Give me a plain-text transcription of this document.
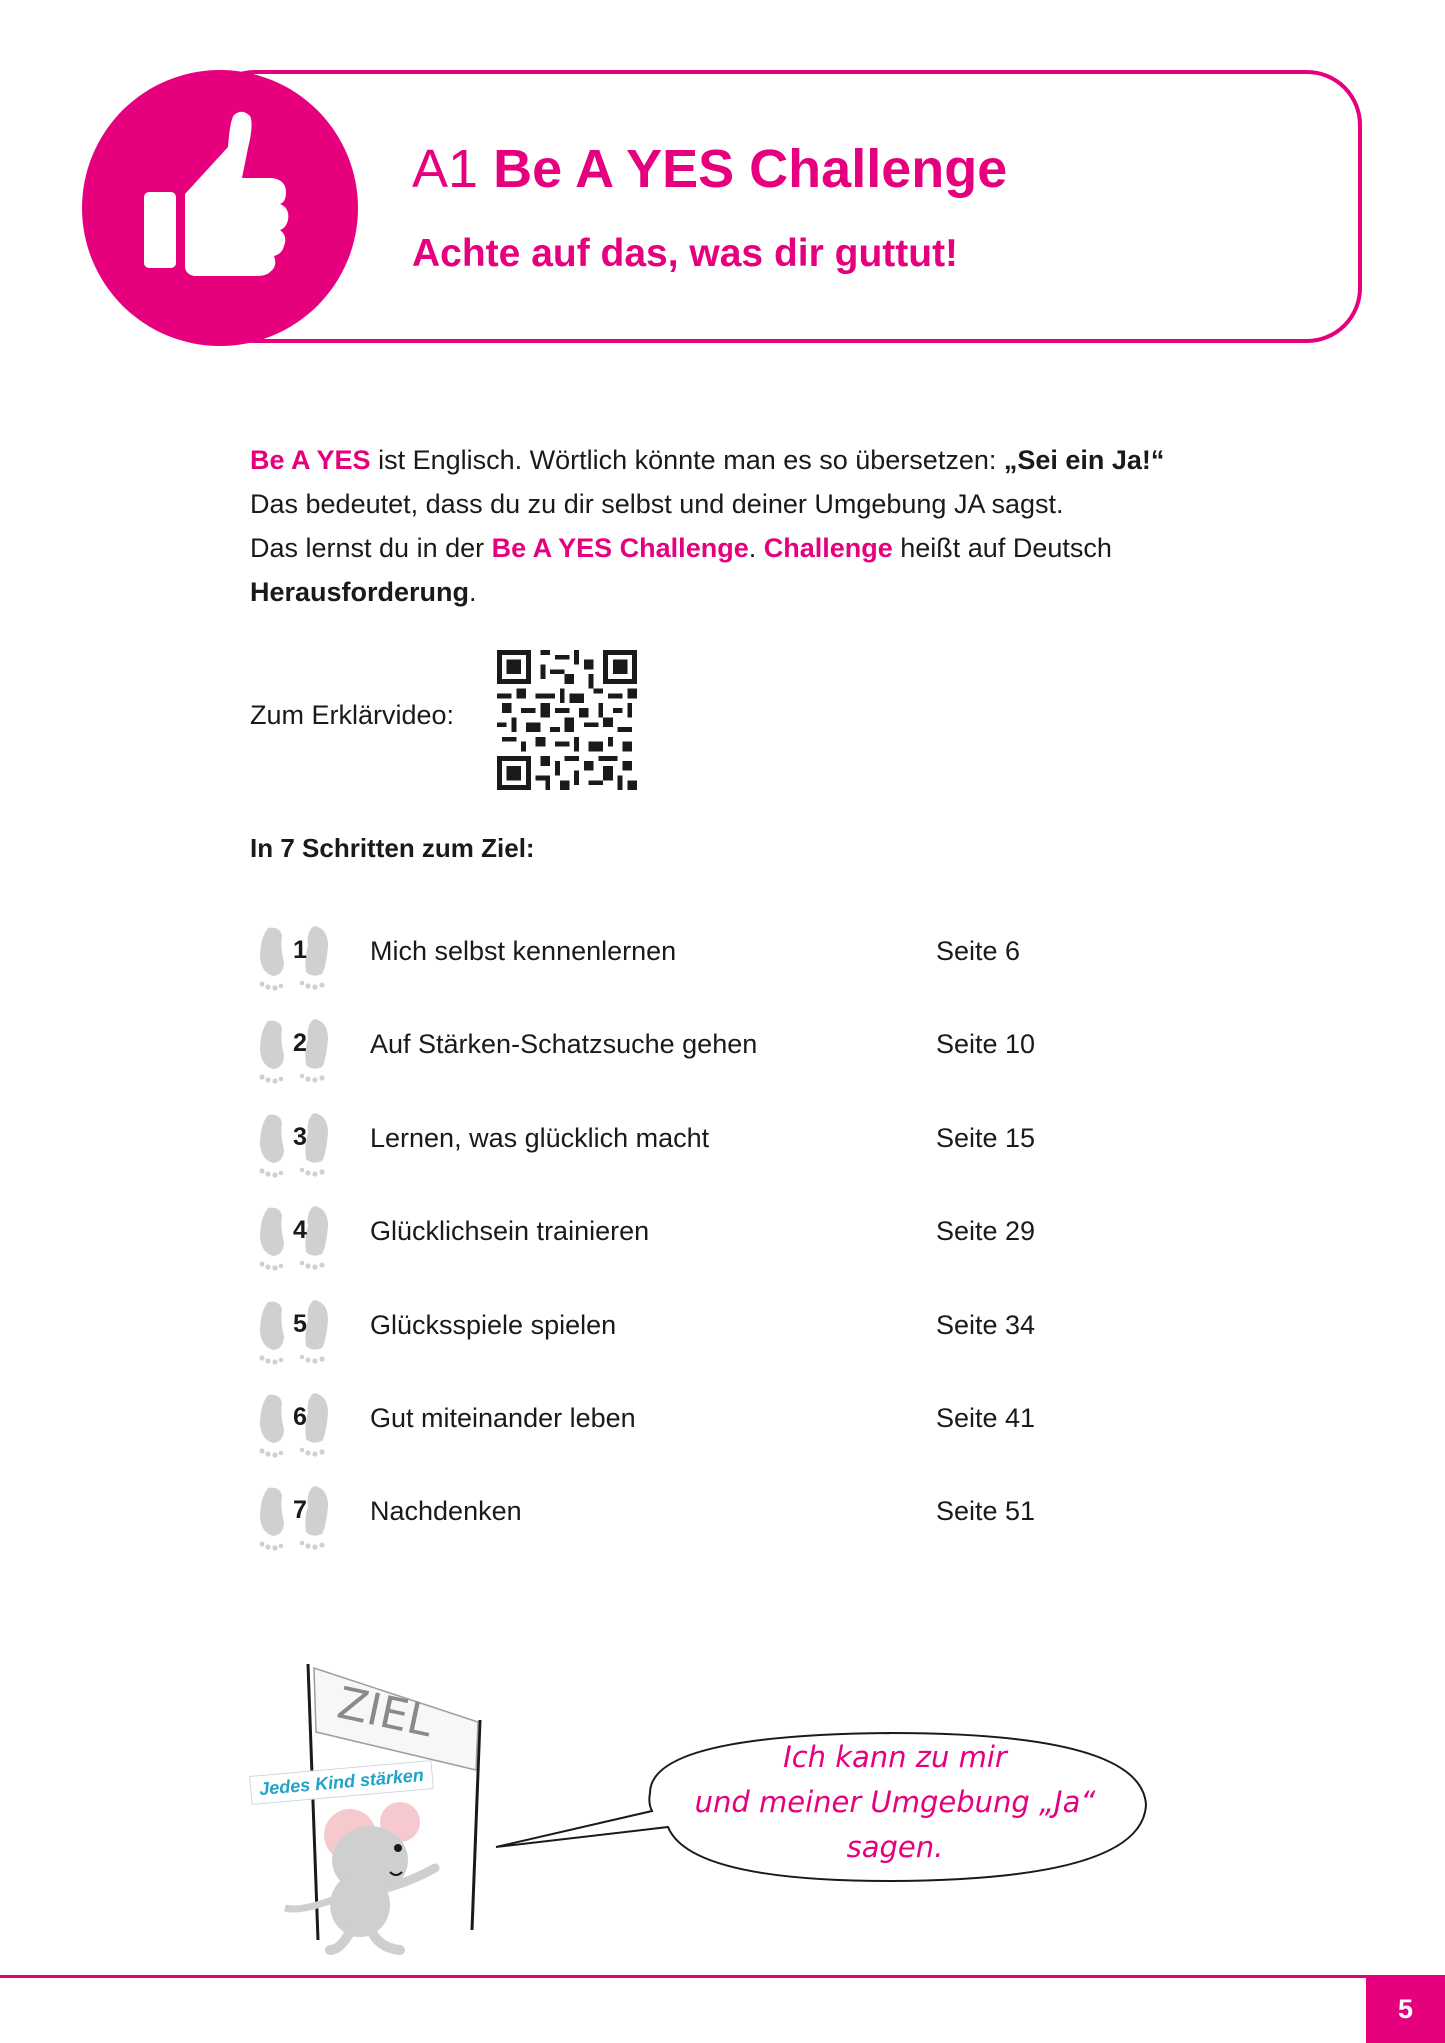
A1 Be A YES Challenge
Achte auf das, was dir guttut!
Be A YES ist Englisch. Wörtlich könnte man es so übersetzen: „Sei ein Ja!“
Das bedeutet, dass du zu dir selbst und deiner Umgebung JA sagst.
Das lernst du in der Be A YES Challenge. Challenge heißt auf Deutsch
Herausforderung.
Zum Erklärvideo:
In 7 Schritten zum Ziel:
1 Mich selbst kennenlernen	Seite 6
2 Auf Stärken-Schatzsuche gehen	Seite 10
3 Lernen, was glücklich macht	Seite 15
4 Glücklichsein trainieren	Seite 29
5 Glücksspiele spielen	Seite 34
6 Gut miteinander leben	Seite 41
7 Nachdenken	Seite 51
ZIEL
Jedes Kind stärken
Ich kann zu mir
und meiner Umgebung „Ja“
sagen.
5
